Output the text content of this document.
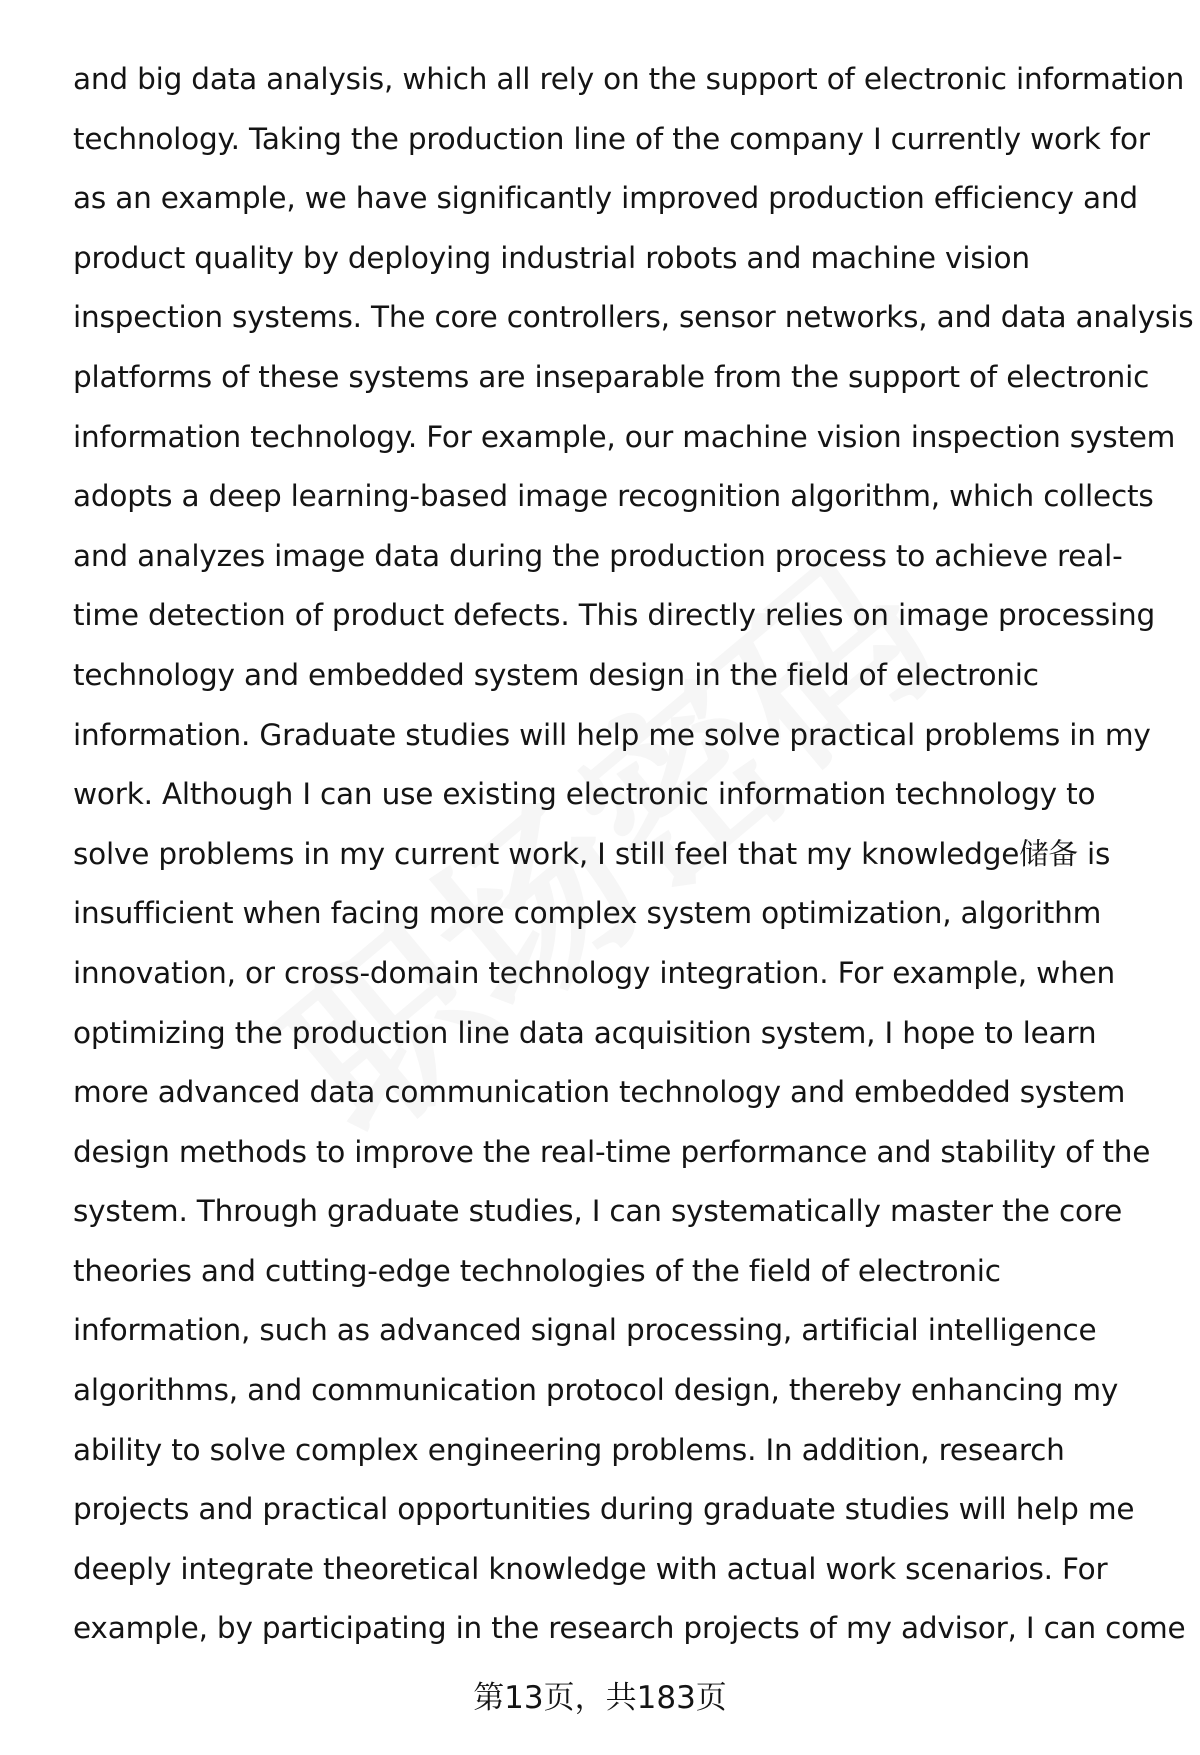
and big data analysis, which all rely on the support of electronic information
technology. Taking the production line of the company I currently work for
as an example, we have significantly improved production efficiency and
product quality by deploying industrial robots and machine vision
inspection systems. The core controllers, sensor networks, and data analysis
platforms of these systems are inseparable from the support of electronic
information technology. For example, our machine vision inspection system
adopts a deep learning-based image recognition algorithm, which collects
and analyzes image data during the production process to achieve real-
time detection of product defects. This directly relies on image processing
technology and embedded system design in the field of electronic
information. Graduate studies will help me solve practical problems in my
work. Although I can use existing electronic information technology to
solve problems in my current work, I still feel that my knowledge储备 is
insufficient when facing more complex system optimization, algorithm
innovation, or cross-domain technology integration. For example, when
optimizing the production line data acquisition system, I hope to learn
more advanced data communication technology and embedded system
design methods to improve the real-time performance and stability of the
system. Through graduate studies, I can systematically master the core
theories and cutting-edge technologies of the field of electronic
information, such as advanced signal processing, artificial intelligence
algorithms, and communication protocol design, thereby enhancing my
ability to solve complex engineering problems. In addition, research
projects and practical opportunities during graduate studies will help me
deeply integrate theoretical knowledge with actual work scenarios. For
example, by participating in the research projects of my advisor, I can come
第13页，共183页
